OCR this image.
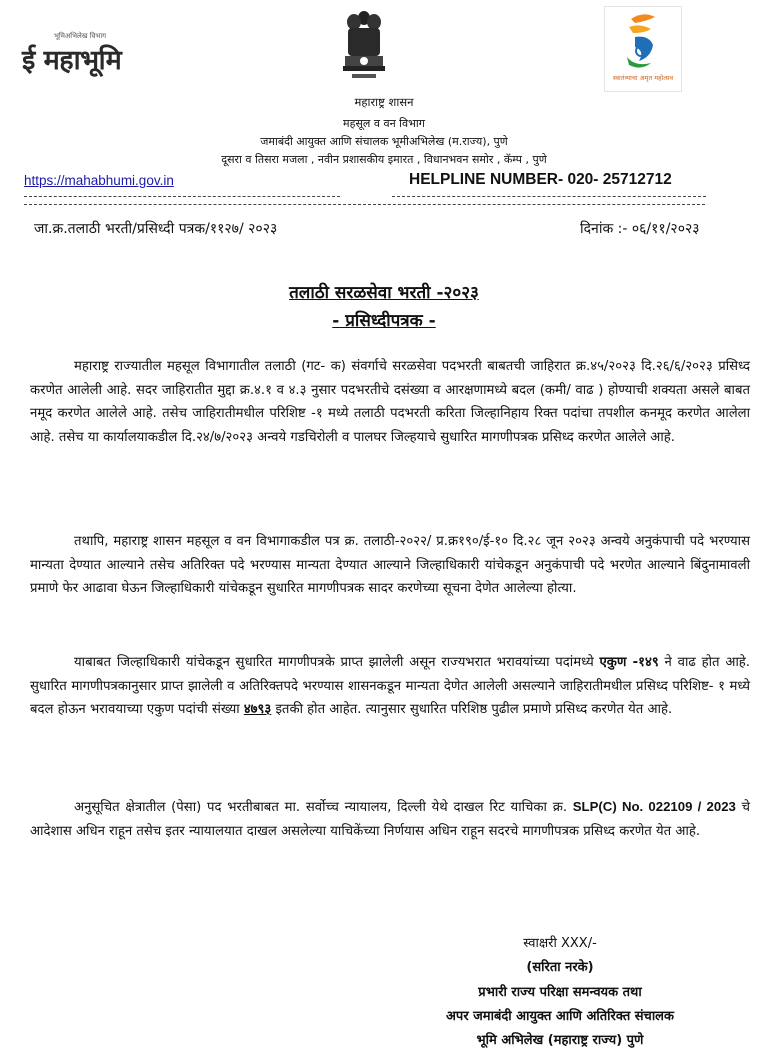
भूमिअभिलेख विभाग
ई महाभूमि
स्वातंत्र्याचा अमृत महोत्सव
महाराष्ट्र शासन
महसूल व वन विभाग
जमाबंदी आयुक्त आणि संचालक भूमीअभिलेख (म.राज्य), पुणे
दूसरा व तिसरा मजला , नवीन प्रशासकीय इमारत , विधानभवन समोर , कॅम्प , पुणे
https://mahabhumi.gov.in	HELPLINE NUMBER- 020- 25712712
जा.क्र.तलाठी भरती/प्रसिध्दी पत्रक/११२७/ २०२३	दिनांक :- ०६/११/२०२३
तलाठी सरळसेवा भरती -२०२३
- प्रसिध्दीपत्रक -
महाराष्ट्र राज्यातील महसूल विभागातील तलाठी (गट- क) संवर्गाचे सरळसेवा पदभरती बाबतची जाहिरात क्र.४५/२०२३ दि.२६/६/२०२३ प्रसिध्द करणेत आलेली आहे. सदर जाहिरातीत मुद्दा क्र.४.१ व ४.३ नुसार पदभरतीचे दसंख्या व आरक्षणामध्ये बदल (कमी/ वाढ ) होण्याची शक्यता असले बाबत नमूद करणेत आलेले आहे. तसेच जाहिरातीमधील परिशिष्ट -१ मध्ये तलाठी पदभरती करिता जिल्हानिहाय रिक्त पदांचा तपशील कनमूद करणेत आलेला आहे. तसेच या कार्यालयाकडील दि.२४/७/२०२३ अन्वये गडचिरोली व पालघर जिल्हयाचे सुधारित मागणीपत्रक प्रसिध्द करणेत आलेले आहे.
तथापि, महाराष्ट्र शासन महसूल व वन विभागाकडील पत्र क्र. तलाठी-२०२२/ प्र.क्र१९०/ई-१० दि.२८ जून २०२३ अन्वये अनुकंपाची पदे भरण्यास मान्यता देण्यात आल्याने तसेच अतिरिक्त पदे भरण्यास मान्यता देण्यात आल्याने जिल्हाधिकारी यांचेकडून अनुकंपाची पदे भरणेत आल्याने बिंदुनामावली प्रमाणे फेर आढावा घेऊन जिल्हाधिकारी यांचेकडून सुधारित मागणीपत्रक सादर करणेच्या सूचना देणेत आलेल्या होत्या.
याबाबत जिल्हाधिकारी यांचेकडून सुधारित मागणीपत्रके प्राप्त झालेली असून राज्यभरात भरावयांच्या पदांमध्ये एकुण -१४९ ने वाढ होत आहे. सुधारित मागणीपत्रकानुसार प्राप्त झालेली व अतिरिक्तपदे भरण्यास शासनकडून मान्यता देणेत आलेली असल्याने जाहिरातीमधील प्रसिध्द परिशिष्ट- १ मध्ये बदल होऊन भरावयाच्या एकुण पदांची संख्या ४७९३ इतकी होत आहेत. त्यानुसार सुधारित परिशिष्ठ पुढील प्रमाणे प्रसिध्द करणेत येत आहे.
अनुसूचित क्षेत्रातील (पेसा) पद भरतीबाबत मा. सर्वोच्च न्यायालय, दिल्ली येथे दाखल रिट याचिका क्र. SLP(C) No. 022109 / 2023 चे आदेशास अधिन राहून तसेच इतर न्यायालयात दाखल असलेल्या याचिकेंच्या निर्णयास अधिन राहून सदरचे मागणीपत्रक प्रसिध्द करणेत येत आहे.
स्वाक्षरी XXX/-
(सरिता नरके)
प्रभारी राज्य परिक्षा समन्वयक तथा
अपर जमाबंदी आयुक्त आणि अतिरिक्त संचालक
भूमि अभिलेख (महाराष्ट्र राज्य) पुणे
